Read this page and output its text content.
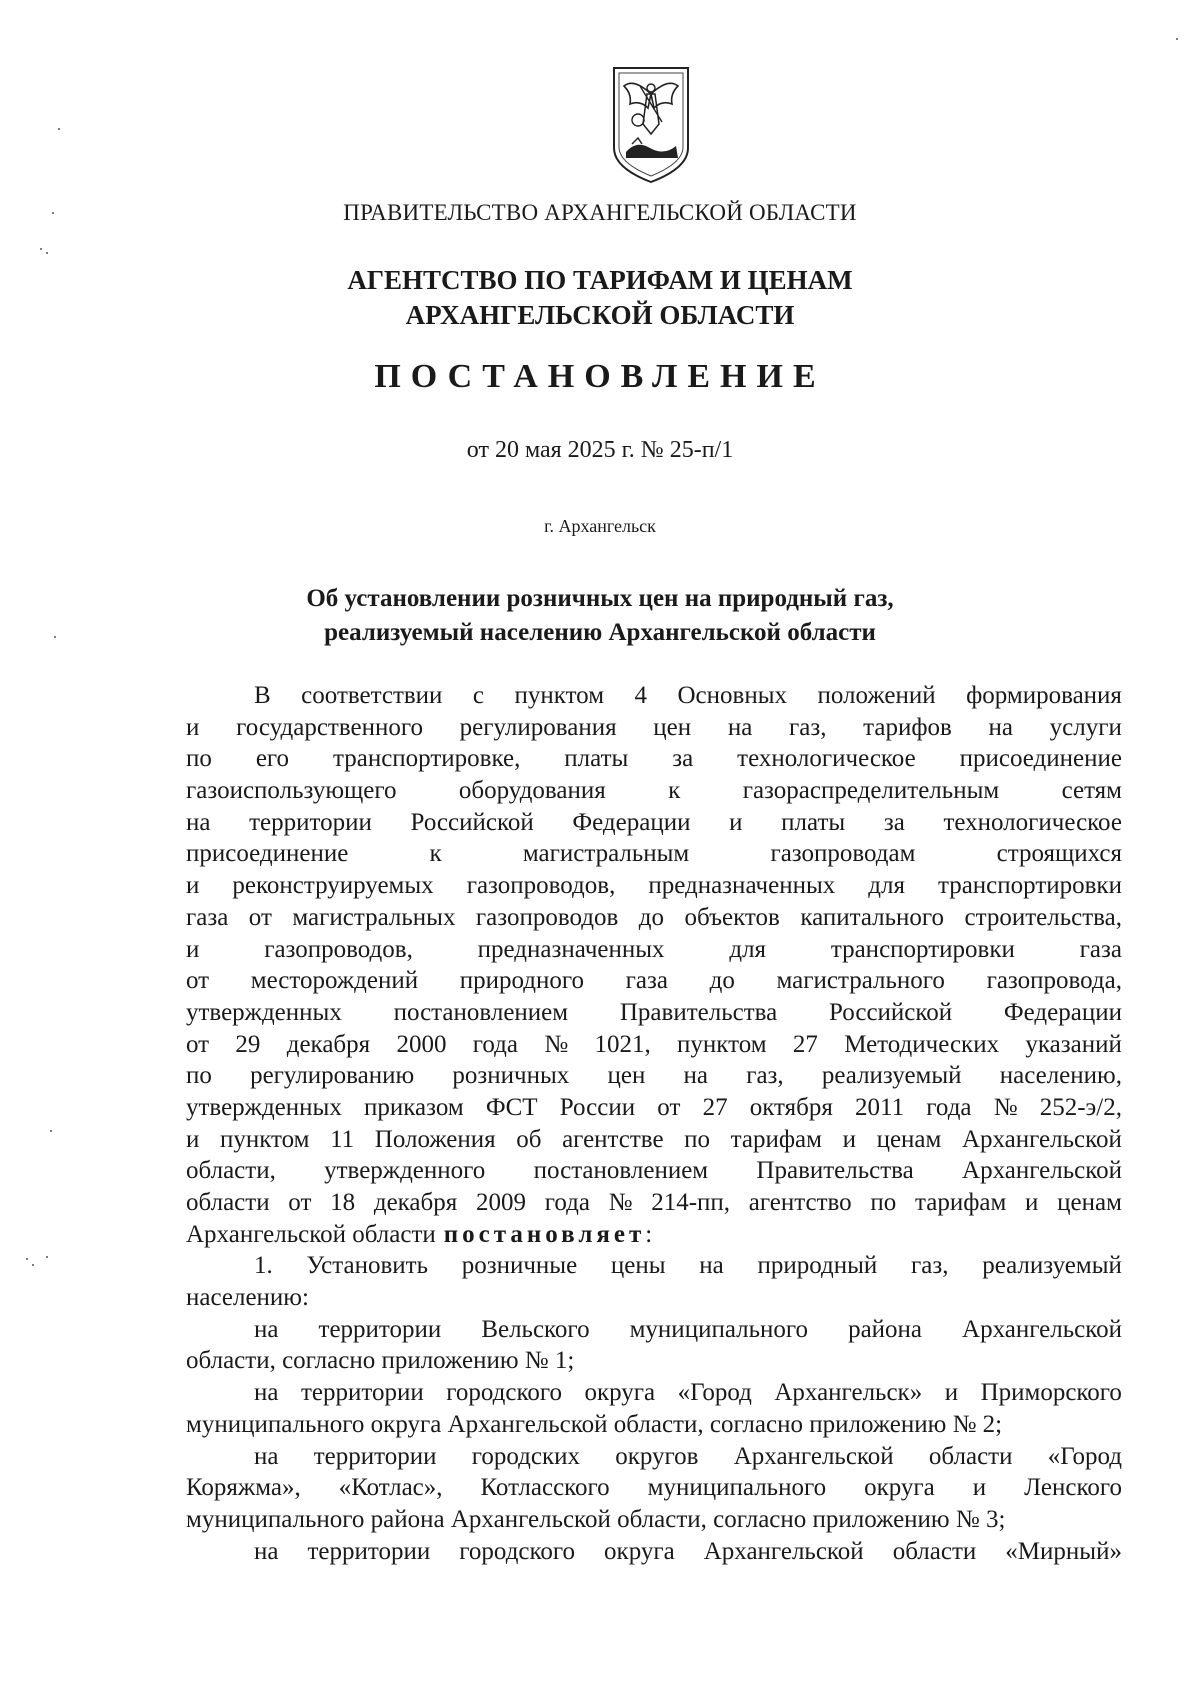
ПРАВИТЕЛЬСТВО АРХАНГЕЛЬСКОЙ ОБЛАСТИ
АГЕНТСТВО ПО ТАРИФАМ И ЦЕНАМ
АРХАНГЕЛЬСКОЙ ОБЛАСТИ
ПОСТАНОВЛЕНИЕ
от 20 мая 2025 г. № 25-п/1
г. Архангельск
Об установлении розничных цен на природный газ,
реализуемый населению Архангельской области
В соответствии с пунктом 4 Основных положений формирования
и государственного регулирования цен на газ, тарифов на услуги
по его транспортировке, платы за технологическое присоединение
газоиспользующего оборудования к газораспределительным сетям
на территории Российской Федерации и платы за технологическое
присоединение	к	магистральным	газопроводам	строящихся
и реконструируемых газопроводов, предназначенных для транспортировки
газа от магистральных газопроводов до объектов капитального строительства,
и	газопроводов,	предназначенных	для	транспортировки	газа
от месторождений природного газа до магистрального газопровода,
утвержденных постановлением Правительства Российской Федерации
от 29 декабря 2000 года № 1021, пунктом 27 Методических указаний
по регулированию розничных цен на газ, реализуемый населению,
утвержденных приказом ФСТ России от 27 октября 2011 года № 252-э/2,
и пунктом 11 Положения об агентстве по тарифам и ценам Архангельской
области, утвержденного постановлением Правительства Архангельской
области от 18 декабря 2009 года № 214-пп, агентство по тарифам и ценам
Архангельской области постановляет :
1. Установить розничные цены на природный газ, реализуемый
населению:
на территории Вельского муниципального района Архангельской
области, согласно приложению № 1;
на территории городского округа «Город Архангельск» и Приморского
муниципального округа Архангельской области, согласно приложению № 2;
на территории городских округов Архангельской области «Город
Коряжма», «Котлас», Котласского муниципального округа и Ленского
муниципального района Архангельской области, согласно приложению № 3;
на территории городского округа Архангельской области «Мирный»
